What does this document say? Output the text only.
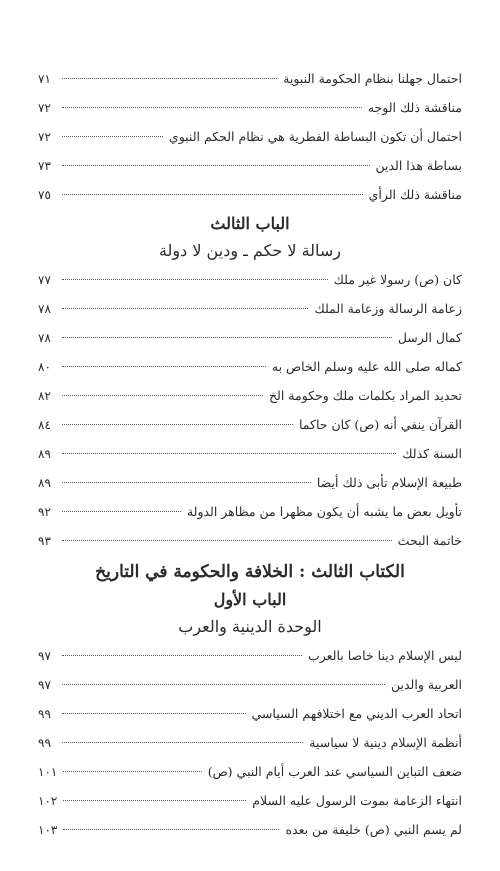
احتمال جهلنا بنظام الحكومة النبوية
٧١
مناقشة ذلك الوجه
٧٢
احتمال أن تكون البساطة الفطرية هي نظام الحكم النبوي
٧٢
بساطة هذا الدين
٧٣
مناقشة ذلك الرأي
٧٥
الباب الثالث
رسالة لا حكم ـ ودين لا دولة
كان (ص) رسولا غير ملك
٧٧
زعامة الرسالة وزعامة الملك
٧٨
كمال الرسل
٧٨
كماله صلى الله عليه وسلم الخاص به
٨٠
تحديد المراد بكلمات ملك وحكومة الخ
٨٢
القرآن ينفي أنه (ص) كان حاكما
٨٤
السنة كذلك
٨٩
طبيعة الإسلام تأبى ذلك أيضا
٨٩
تأويل بعض ما يشبه أن يكون مظهرا من مظاهر الدولة
٩٢
خاتمة البحث
٩٣
الكتاب الثالث : الخلافة والحكومة في التاريخ
الباب الأول
الوحدة الدينية والعرب
ليس الإسلام دينا خاصا بالعرب
٩٧
العربية والدين
٩٧
اتحاد العرب الديني مع اختلافهم السياسي
٩٩
أنظمة الإسلام دينية لا سياسية
٩٩
ضعف التباين السياسي عند العرب أيام النبي (ص)
١٠١
انتهاء الزعامة بموت الرسول عليه السلام
١٠٢
لم يسم النبي (ص) خليفة من بعده
١٠٣
